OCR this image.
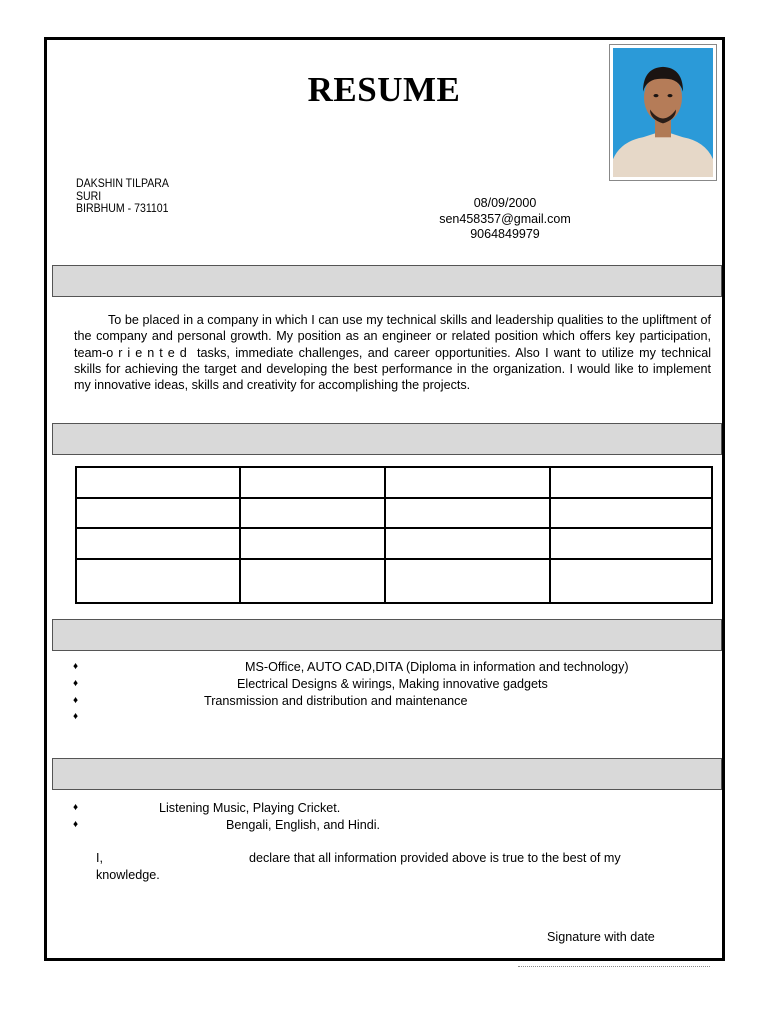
RESUME
DAKSHIN TILPARA
SURI
BIRBHUM - 731101	08/09/2000
sen458357@gmail.com
9064849979
To be placed in a company in which I can use my technical skills and leadership qualities to the upliftment of the company and personal growth. My position as an engineer or related position which offers key participation, team-oriented tasks, immediate challenges, and career opportunities. Also I want to utilize my technical skills for achieving the target and developing the best performance in the organization. I would like to implement my innovative ideas, skills and creativity for accomplishing the projects.

♦	MS-Office, AUTO CAD,DITA (Diploma in information and technology)
♦	Electrical Designs & wirings, Making innovative gadgets
♦	Transmission and distribution and maintenance
♦
♦	Listening Music, Playing Cricket.
♦	Bengali, English, and Hindi.
I,	declare that all information provided above is true to the best of my knowledge.
Signature with date
